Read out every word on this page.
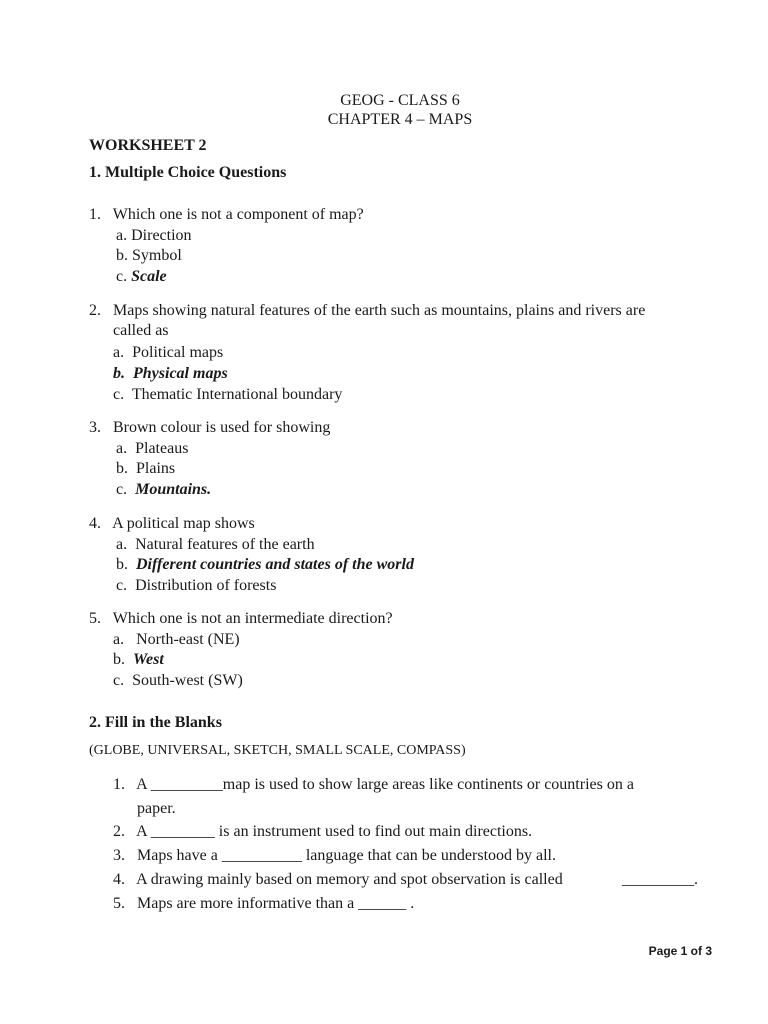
GEOG - CLASS 6
CHAPTER 4 – MAPS
WORKSHEET 2
1. Multiple Choice Questions
1. Which one is not a component of map?
a. Direction
b. Symbol
c. Scale
2. Maps showing natural features of the earth such as mountains, plains and rivers are
called as
a. Political maps
b. Physical maps
c. Thematic International boundary
3. Brown colour is used for showing
a. Plateaus
b. Plains
c. Mountains.
4. A political map shows
a. Natural features of the earth
b. Different countries and states of the world
c. Distribution of forests
5. Which one is not an intermediate direction?
a. North-east (NE)
b. West
c. South-west (SW)
2. Fill in the Blanks
(GLOBE, UNIVERSAL, SKETCH, SMALL SCALE, COMPASS)
1. A _________map is used to show large areas like continents or countries on a
paper.
2. A ________ is an instrument used to find out main directions.
3. Maps have a __________ language that can be understood by all.
4. A drawing mainly based on memory and spot observation is called	_________.
5. Maps are more informative than a ______ .
Page 1 of 3
